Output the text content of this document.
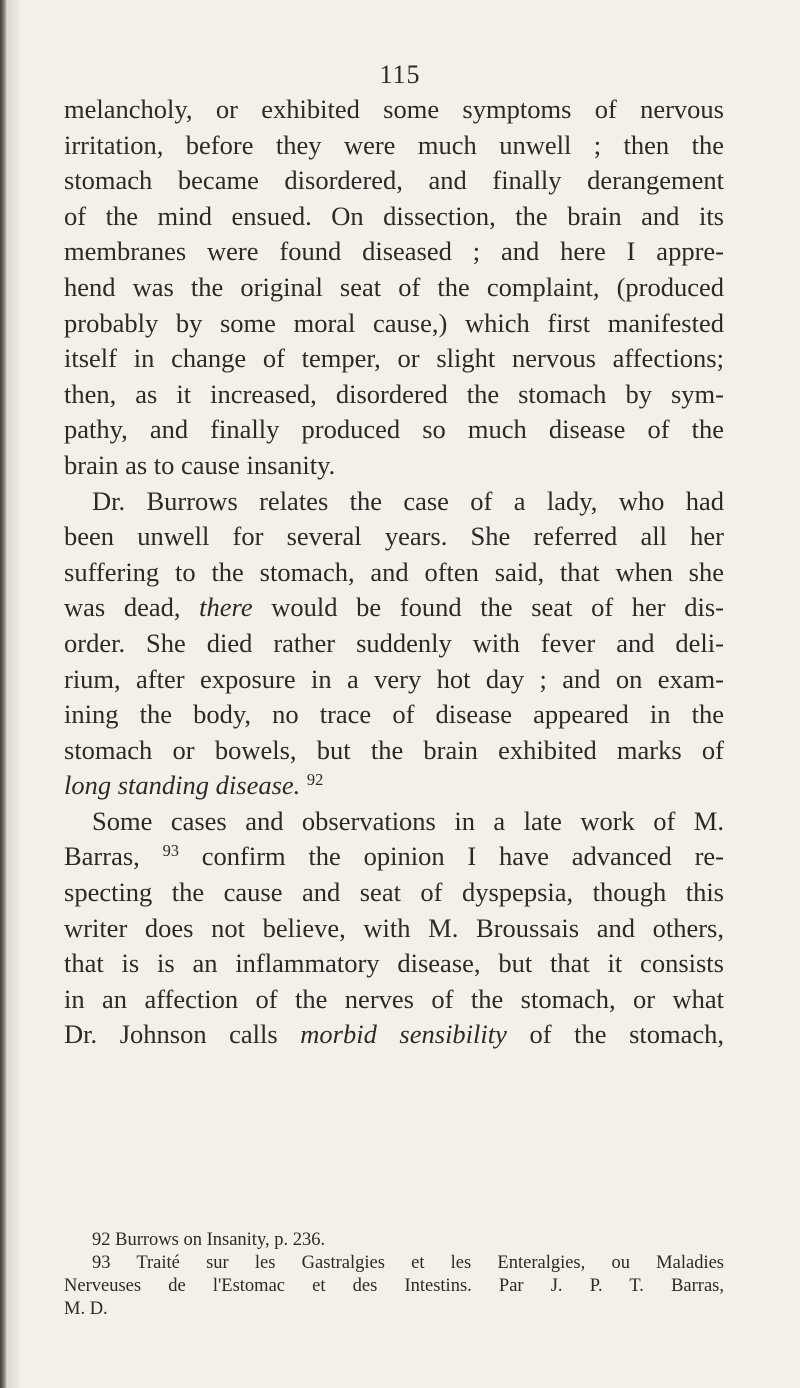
115
melancholy, or exhibited some symptoms of nervous
irritation, before they were much unwell ; then the
stomach became disordered, and finally derangement
of the mind ensued. On dissection, the brain and its
membranes were found diseased ; and here I appre-
hend was the original seat of the complaint, (produced
probably by some moral cause,) which first manifested
itself in change of temper, or slight nervous affections;
then, as it increased, disordered the stomach by sym-
pathy, and finally produced so much disease of the
brain as to cause insanity.
Dr. Burrows relates the case of a lady, who had
been unwell for several years. She referred all her
suffering to the stomach, and often said, that when she
was dead, there would be found the seat of her dis-
order. She died rather suddenly with fever and deli-
rium, after exposure in a very hot day ; and on exam-
ining the body, no trace of disease appeared in the
stomach or bowels, but the brain exhibited marks of
long standing disease. $^{92}$
Some cases and observations in a late work of M.
Barras, $^{93}$ confirm the opinion I have advanced re-
specting the cause and seat of dyspepsia, though this
writer does not believe, with M. Broussais and others,
that is is an inflammatory disease, but that it consists
in an affection of the nerves of the stomach, or what
Dr. Johnson calls morbid sensibility of the stomach,
92 Burrows on Insanity, p. 236.
93 Traité sur les Gastralgies et les Enteralgies, ou Maladies
Nerveuses de l'Estomac et des Intestins. Par J. P. T. Barras,
M. D.
